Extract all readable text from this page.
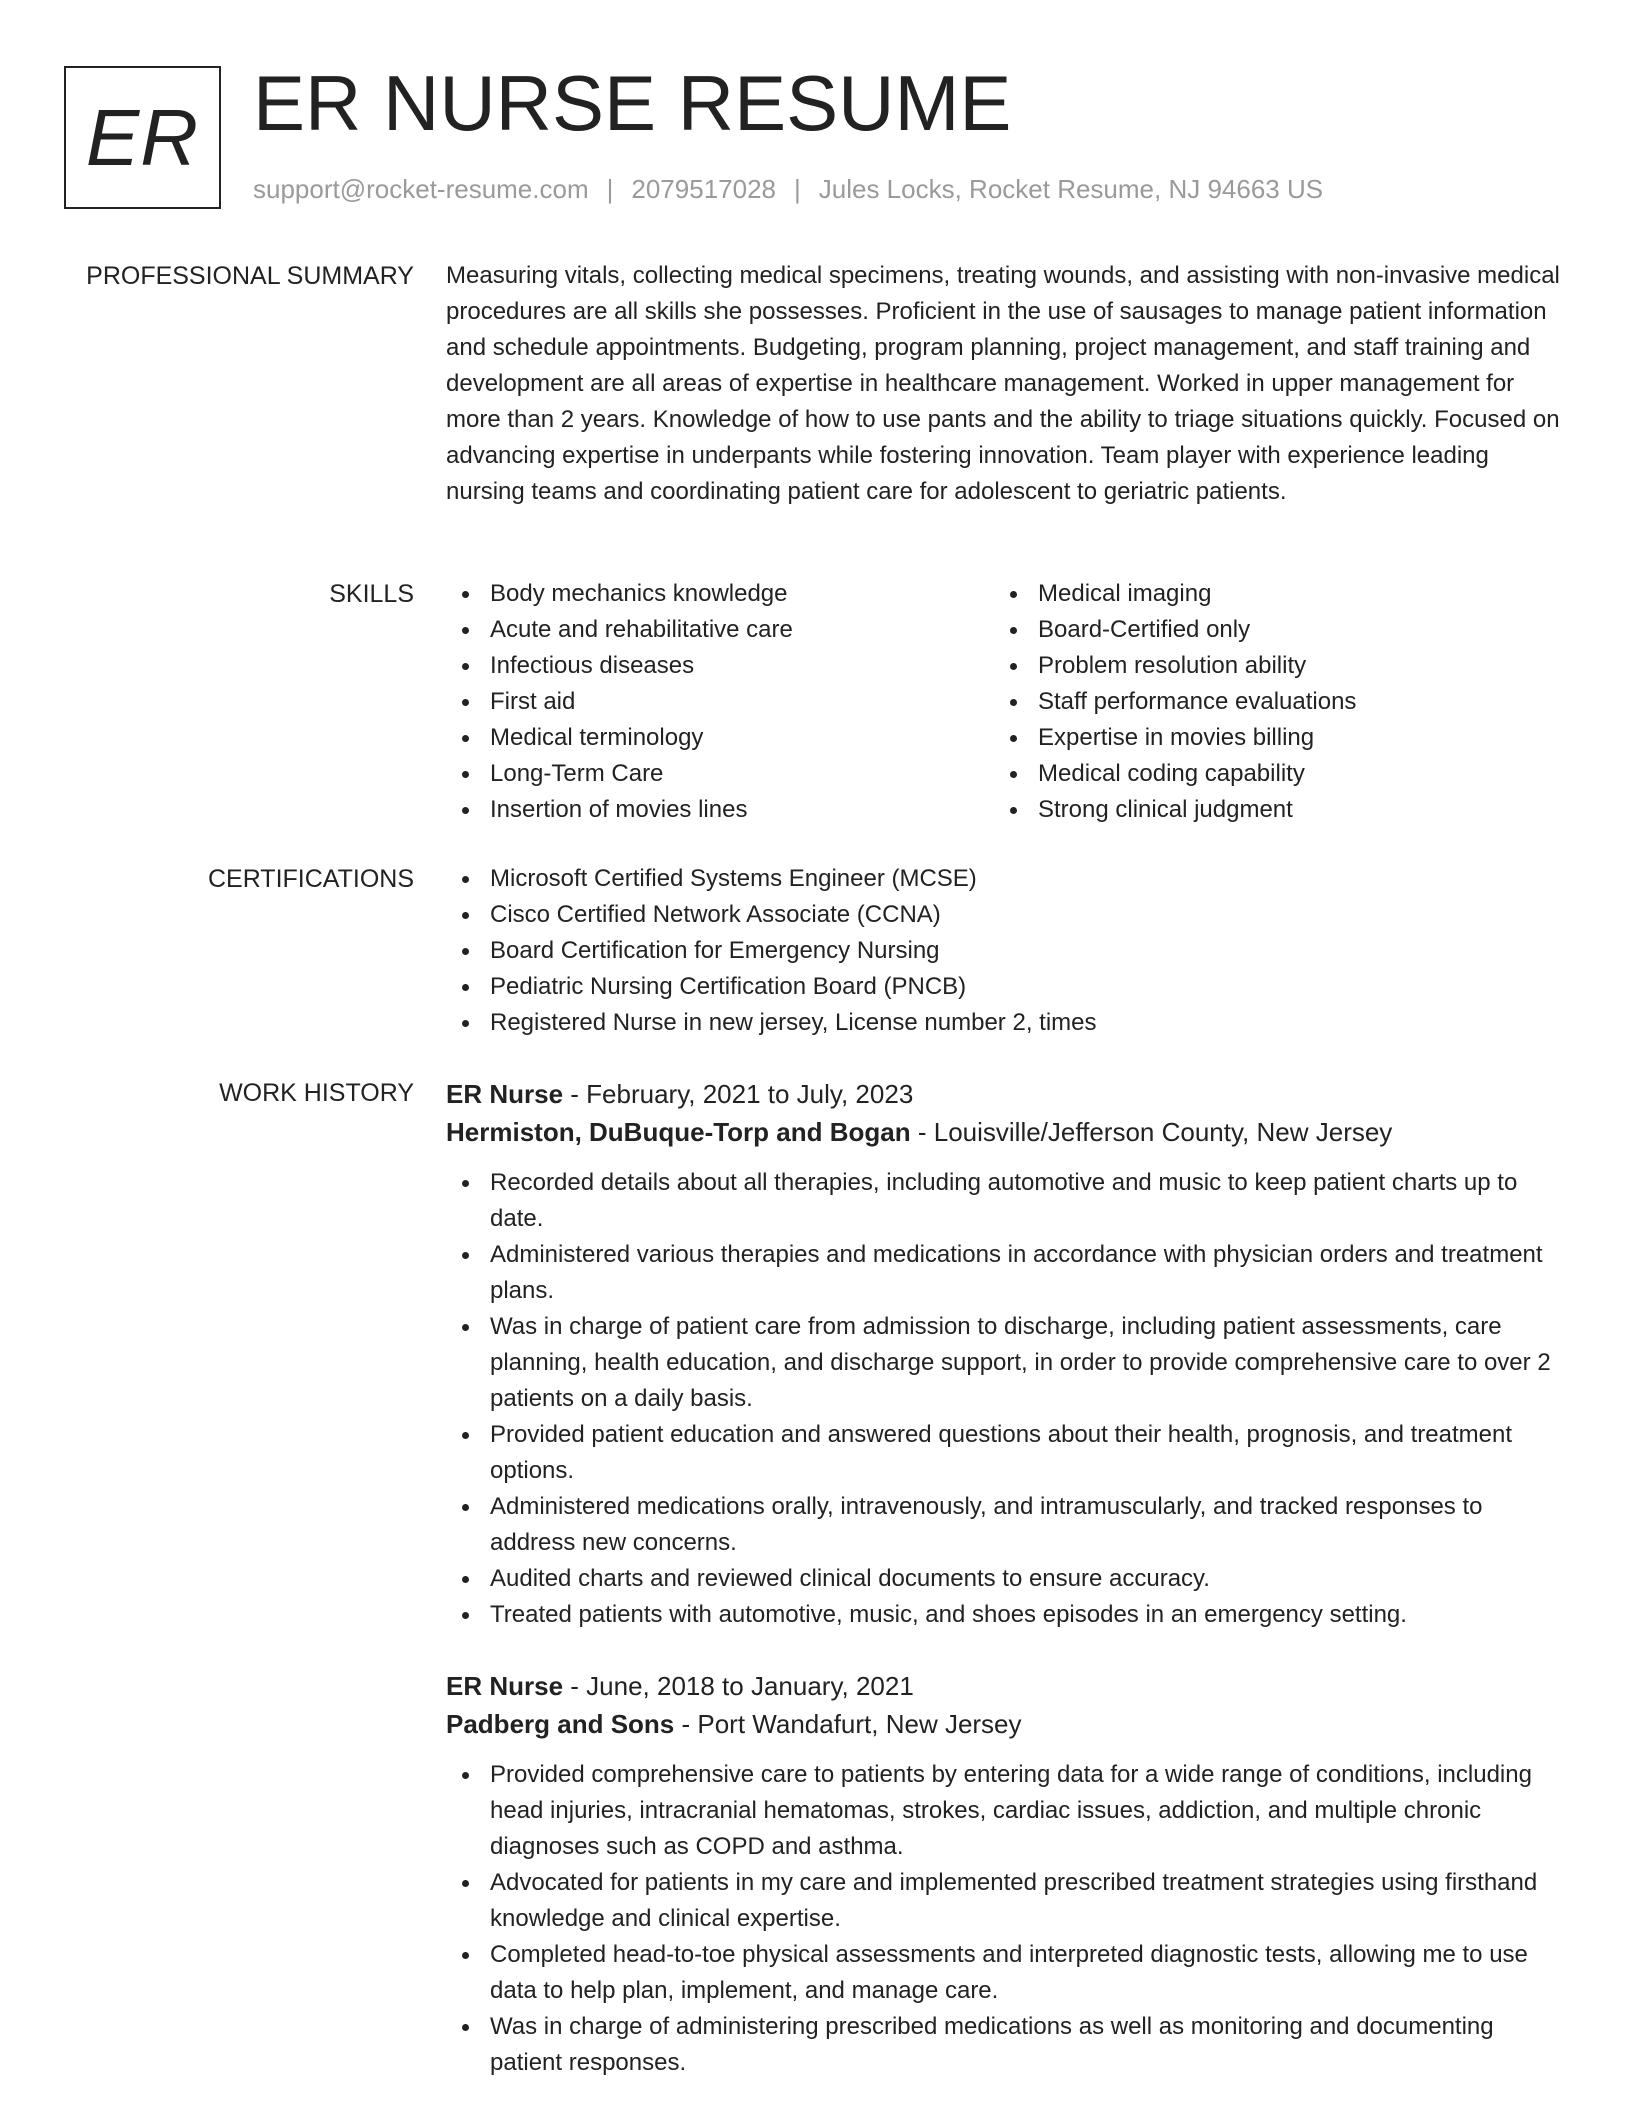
ER ER NURSE RESUME
support@rocket-resume.com | 2079517028 | Jules Locks, Rocket Resume, NJ 94663 US
PROFESSIONAL SUMMARY Measuring vitals, collecting medical specimens, treating wounds, and assisting with non-invasive medical procedures are all skills she possesses. Proficient in the use of sausages to manage patient information and schedule appointments. Budgeting, program planning, project management, and staff training and development are all areas of expertise in healthcare management. Worked in upper management for more than 2 years. Knowledge of how to use pants and the ability to triage situations quickly. Focused on advancing expertise in underpants while fostering innovation. Team player with experience leading nursing teams and coordinating patient care for adolescent to geriatric patients.

SKILLS	Body mechanics knowledge
Acute and rehabilitative care
Infectious diseases
First aid
Medical terminology
Long-Term Care
Insertion of movies lines
Medical imaging
Board-Certified only
Problem resolution ability
Staff performance evaluations
Expertise in movies billing
Medical coding capability
Strong clinical judgment
CERTIFICATIONS	Microsoft Certified Systems Engineer (MCSE)
Cisco Certified Network Associate (CCNA)
Board Certification for Emergency Nursing
Pediatric Nursing Certification Board (PNCB)
Registered Nurse in new jersey, License number 2, times
WORK HISTORY ER Nurse - February, 2021 to July, 2023
Hermiston, DuBuque-Torp and Bogan - Louisville/Jefferson County, New Jersey
Recorded details about all therapies, including automotive and music to keep patient charts up to date.
Administered various therapies and medications in accordance with physician orders and treatment plans.
Was in charge of patient care from admission to discharge, including patient assessments, care planning, health education, and discharge support, in order to provide comprehensive care to over 2 patients on a daily basis.
Provided patient education and answered questions about their health, prognosis, and treatment options.
Administered medications orally, intravenously, and intramuscularly, and tracked responses to address new concerns.
Audited charts and reviewed clinical documents to ensure accuracy.
Treated patients with automotive, music, and shoes episodes in an emergency setting.
ER Nurse - June, 2018 to January, 2021
Padberg and Sons - Port Wandafurt, New Jersey
Provided comprehensive care to patients by entering data for a wide range of conditions, including head injuries, intracranial hematomas, strokes, cardiac issues, addiction, and multiple chronic diagnoses such as COPD and asthma.
Advocated for patients in my care and implemented prescribed treatment strategies using firsthand knowledge and clinical expertise.
Completed head-to-toe physical assessments and interpreted diagnostic tests, allowing me to use data to help plan, implement, and manage care.
Was in charge of administering prescribed medications as well as monitoring and documenting patient responses.
